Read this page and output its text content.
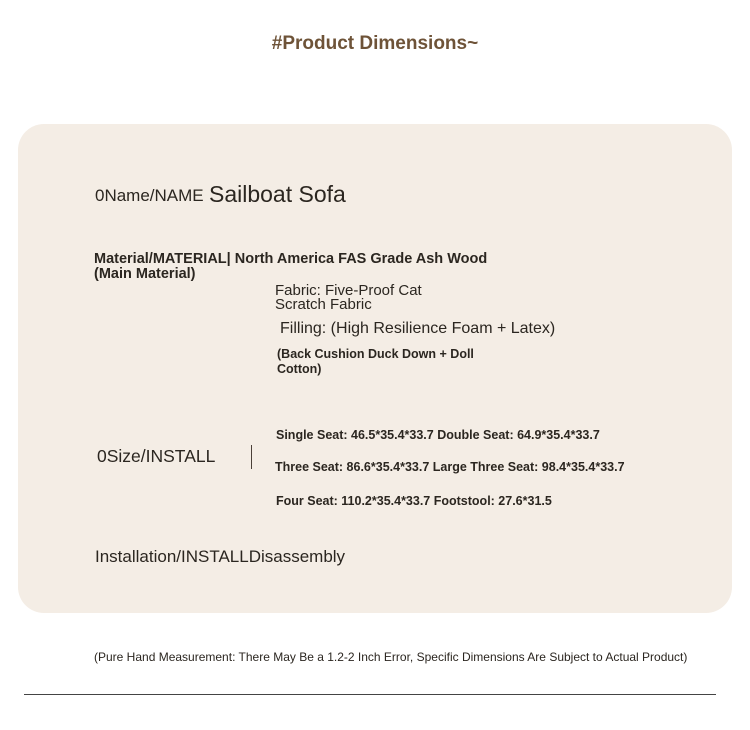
#Product Dimensions~
0Name/NAME Sailboat Sofa
Material/MATERIAL| North America FAS Grade Ash Wood (Main Material)
Fabric: Five-Proof Cat Scratch Fabric
Filling: (High Resilience Foam + Latex)
(Back Cushion Duck Down + Doll Cotton)
0Size/INSTALL
Single Seat: 46.5*35.4*33.7 Double Seat: 64.9*35.4*33.7
Three Seat: 86.6*35.4*33.7 Large Three Seat: 98.4*35.4*33.7
Four Seat: 110.2*35.4*33.7 Footstool: 27.6*31.5
Installation/INSTALLDisassembly
(Pure Hand Measurement: There May Be a 1.2-2 Inch Error, Specific Dimensions Are Subject to Actual Product)
